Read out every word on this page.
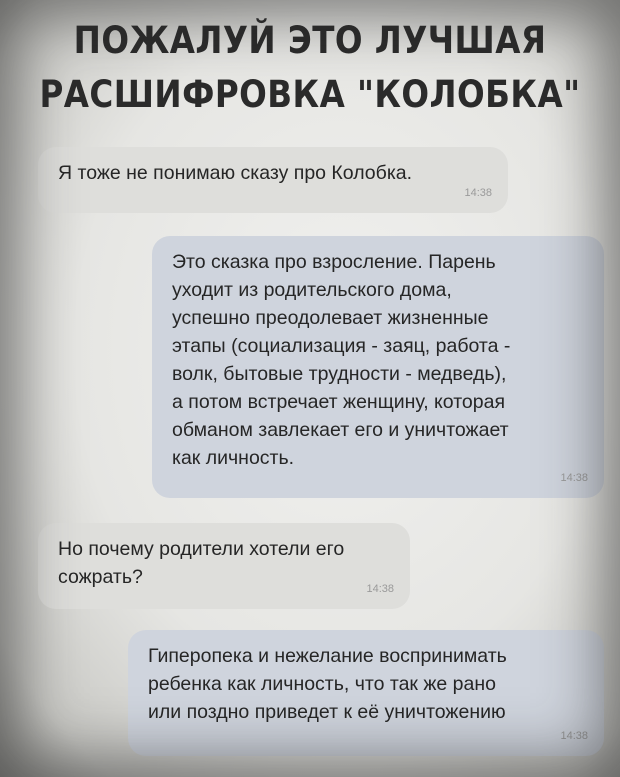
ПОЖАЛУЙ ЭТО ЛУЧШАЯ
РАСШИФРОВКА "КОЛОБКА"
Я тоже не понимаю сказу про Колобка.
14:38
Это сказка про взросление. Парень
уходит из родительского дома,
успешно преодолевает жизненные
этапы (социализация - заяц, работа -
волк, бытовые трудности - медведь),
а потом встречает женщину, которая
обманом завлекает его и уничтожает
как личность.
14:38
Но почему родители хотели его
сожрать?
14:38
Гиперопека и нежелание воспринимать
ребенка как личность, что так же рано
или поздно приведет к её уничтожению
14:38
